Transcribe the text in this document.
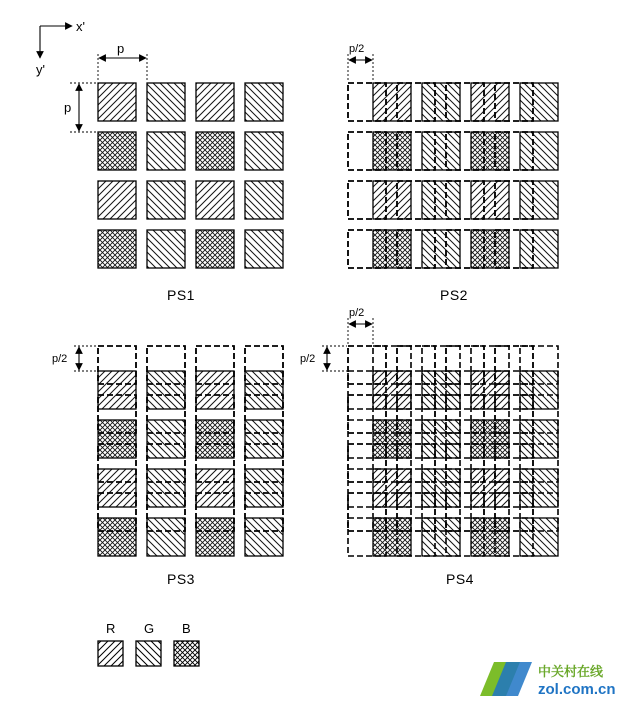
x'
y'
p
p
p/2
p/2
p/2
p/2
PS1	PS2
PS3	PS4
R G B
中关村在线
zol.com.cn
